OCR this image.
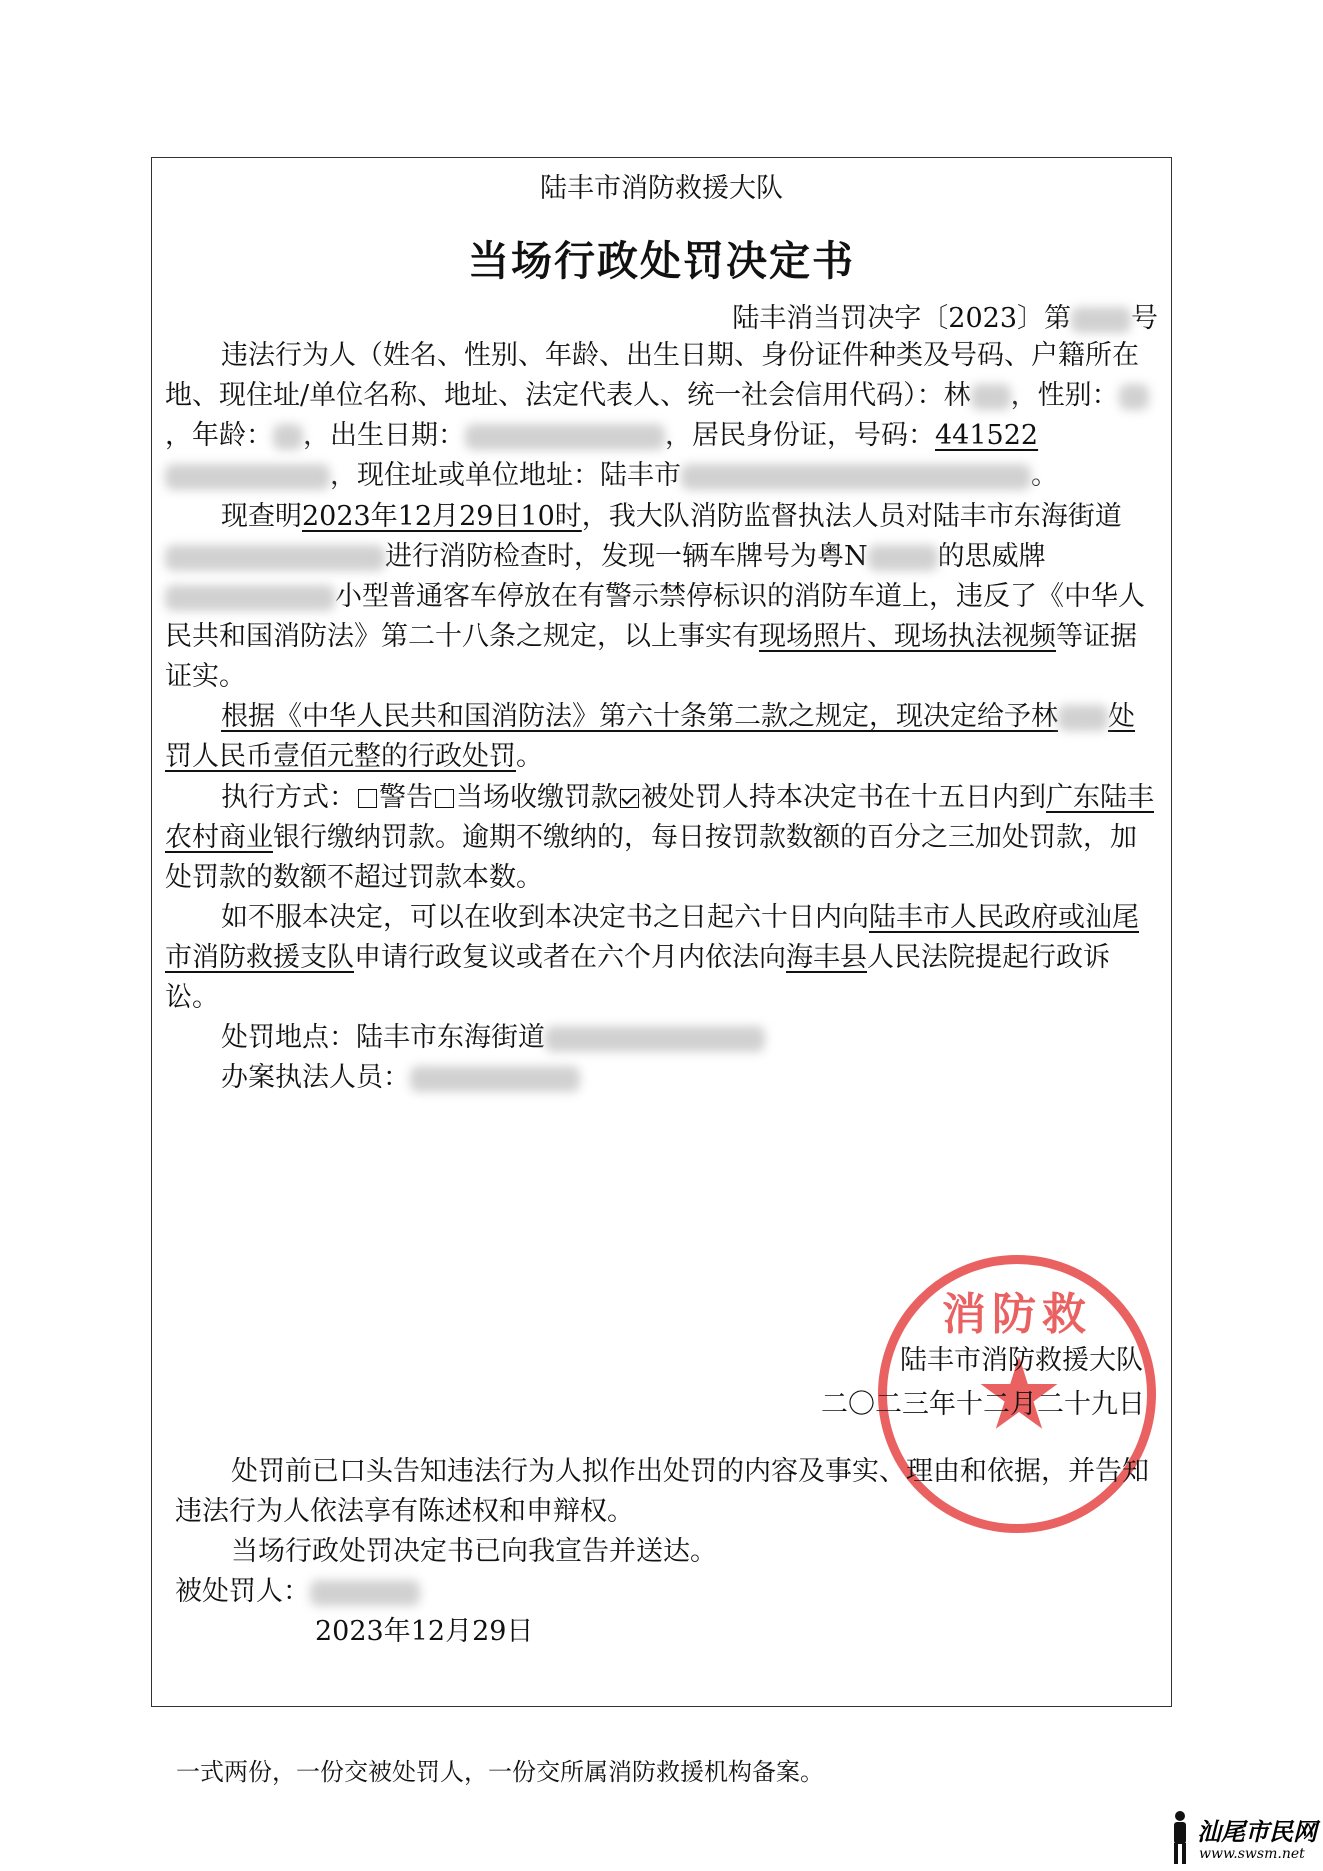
陆丰市消防救援大队
当场行政处罚决定书
陆丰消当罚决字〔2023〕第 号

违法行为人（姓名、性别、年龄、出生日期、身份证件种类及号码、户籍所在地、现住址/单位名称、地址、法定代表人、统一社会信用代码）：林 ，性别：，年龄： ，出生日期：	，居民身份证，号码：441522，现住址或单位地址：陆丰市	。

现查明2023年12月29日10时，我大队消防监督执法人员对陆丰市东海街道进行消防检查时，发现一辆车牌号为粤N	的思威牌小型普通客车停放在有警示禁停标识的消防车道上，违反了《中华人民共和国消防法》第二十八条之规定，以上事实有现场照片、现场执法视频等证据证实。

根据《中华人民共和国消防法》第六十条第二款之规定，现决定给予林 处罚人民币壹佰元整的行政处罚。

执行方式： 警告 当场收缴罚款 被处罚人持本决定书在十五日内到广东陆丰农村商业银行缴纳罚款。逾期不缴纳的，每日按罚款数额的百分之三加处罚款，加处罚款的数额不超过罚款本数。

如不服本决定，可以在收到本决定书之日起六十日内向陆丰市人民政府或汕尾市消防救援支队申请行政复议或者在六个月内依法向海丰县人民法院提起行政诉讼。

处罚地点：陆丰市东海街道

办案执法人员：

消防救
陆丰市消防救援大队
二〇二三年十二月二十九日

处罚前已口头告知违法行为人拟作出处罚的内容及事实、理由和依据，并告知违法行为人依法享有陈述权和申辩权。

当场行政处罚决定书已向我宣告并送达。

被处罚人：

2023年12月29日

一式两份，一份交被处罚人，一份交所属消防救援机构备案。
汕尾市民网
www.swsm.net
